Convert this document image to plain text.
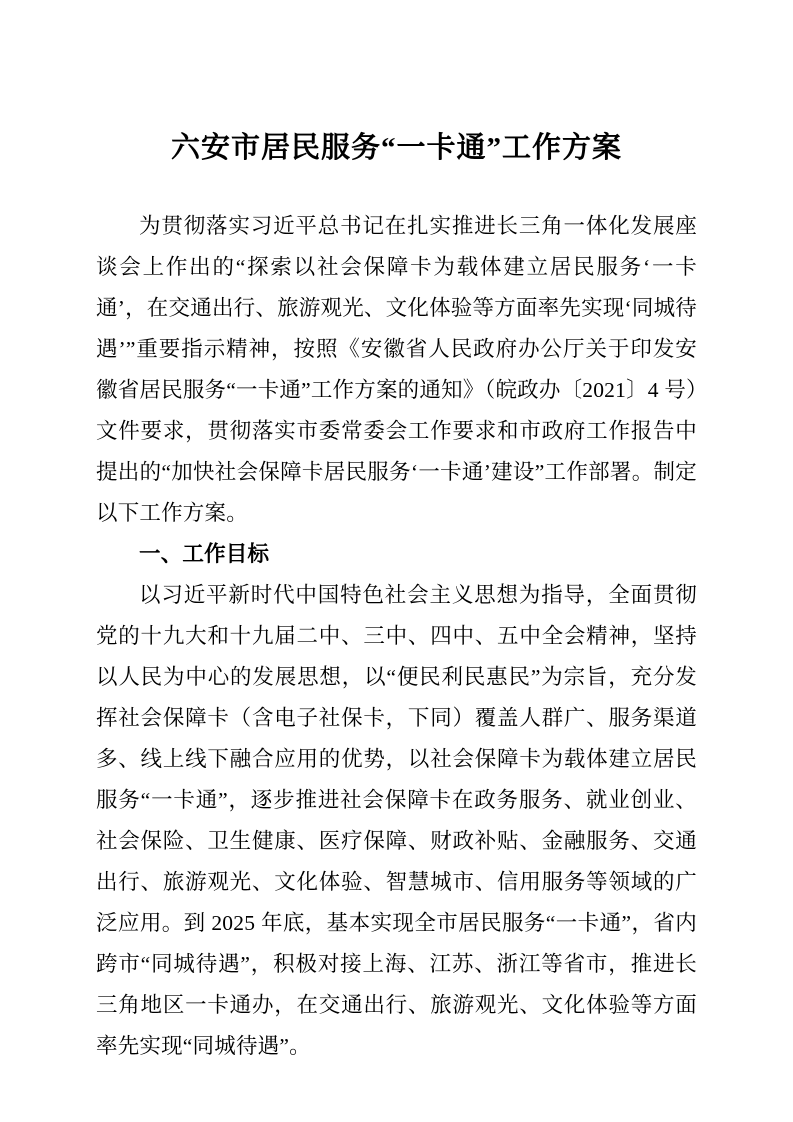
六安市居民服务“一卡通”工作方案

为贯彻落实习近平总书记在扎实推进长三角一体化发展座谈会上作出的“探索以社会保障卡为载体建立居民服务‘一卡通’，在交通出行、旅游观光、文化体验等方面率先实现‘同城待遇’”重要指示精神，按照《安徽省人民政府办公厅关于印发安徽省居民服务“一卡通”工作方案的通知》（皖政办〔2021〕4 号）文件要求，贯彻落实市委常委会工作要求和市政府工作报告中提出的“加快社会保障卡居民服务‘一卡通’建设”工作部署。制定以下工作方案。

一、工作目标

以习近平新时代中国特色社会主义思想为指导，全面贯彻党的十九大和十九届二中、三中、四中、五中全会精神，坚持以人民为中心的发展思想，以“便民利民惠民”为宗旨，充分发挥社会保障卡（含电子社保卡，下同）覆盖人群广、服务渠道多、线上线下融合应用的优势，以社会保障卡为载体建立居民服务“一卡通”，逐步推进社会保障卡在政务服务、就业创业、社会保险、卫生健康、医疗保障、财政补贴、金融服务、交通出行、旅游观光、文化体验、智慧城市、信用服务等领域的广泛应用。到 2025 年底，基本实现全市居民服务“一卡通”，省内跨市“同城待遇”，积极对接上海、江苏、浙江等省市，推进长三角地区一卡通办，在交通出行、旅游观光、文化体验等方面率先实现“同城待遇”。
